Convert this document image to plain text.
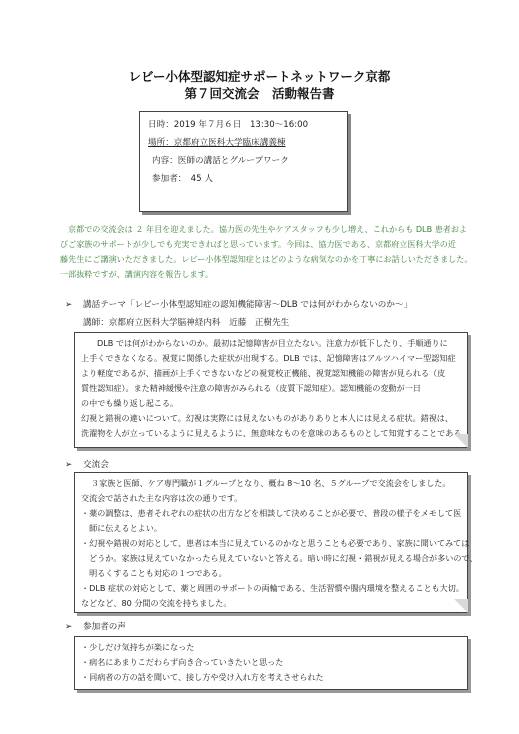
レビー小体型認知症サポートネットワーク京都
第７回交流会　活動報告書
日時：2019 年７月６日　13:30～16:00
場所：京都府立医科大学臨床講義棟
内容：医師の講話とグループワーク
参加者：　45 人
京都での交流会は ２ 年目を迎えました。協力医の先生やケアスタッフも少し増え、これからも DLB 患者およ
びご家族のサポートが少しでも充実できればと思っています。今回は、協力医である、京都府立医科大学の近
藤先生にご講演いただきました。レビー小体型認知症とはどのような病気なのかを丁寧にお話しいただきました。
一部抜粋ですが、講演内容を報告します。
➢ 講話テーマ「レビー小体型認知症の認知機能障害～DLB では何がわからないのか～」
講師：京都府立医科大学脳神経内科　近藤　正樹先生
DLB では何がわからないのか。最初は記憶障害が目立たない。注意力が低下したり、手順通りに
上手くできなくなる。視覚に関係した症状が出現する。DLB では、記憶障害はアルツハイマー型認知症
より軽度であるが、描画が上手くできないなどの視覚校正機能、視覚認知機能の障害が見られる（皮
質性認知症）。また精神緩慢や注意の障害がみられる（皮質下認知症）。認知機能の変動が一日
の中でも繰り返し起こる。
幻視と錯視の違いについて。幻視は実際には見えないものがありありと本人には見える症状。錯視は、
洗濯物を人が立っているように見えるように、無意味なものを意味のあるものとして知覚することである。
➢ 交流会
３家族と医師、ケア専門職が１グループとなり、概ね 8～10 名、５グループで交流会をしました。
交流会で話された主な内容は次の通りです。
・薬の調整は、患者それぞれの症状の出方などを相談して決めることが必要で、普段の様子をメモして医
　師に伝えるとよい。
・幻視や錯視の対応として、患者は本当に見えているのかなと思うことも必要であり、家族に聞いてみては
　どうか。家族は見えていなかったら見えていないと答える。暗い時に幻視・錯視が見える場合が多いので、
　明るくすることも対応の１つである。
・DLB 症状の対応として、薬と周囲のサポートの両輪である、生活習慣や腸内環境を整えることも大切。
などなど、80 分間の交流を持ちました。
➢ 参加者の声
・少しだけ気持ちが楽になった
・病名にあまりこだわらず向き合っていきたいと思った
・同病者の方の話を聞いて、接し方や受け入れ方を考えさせられた
